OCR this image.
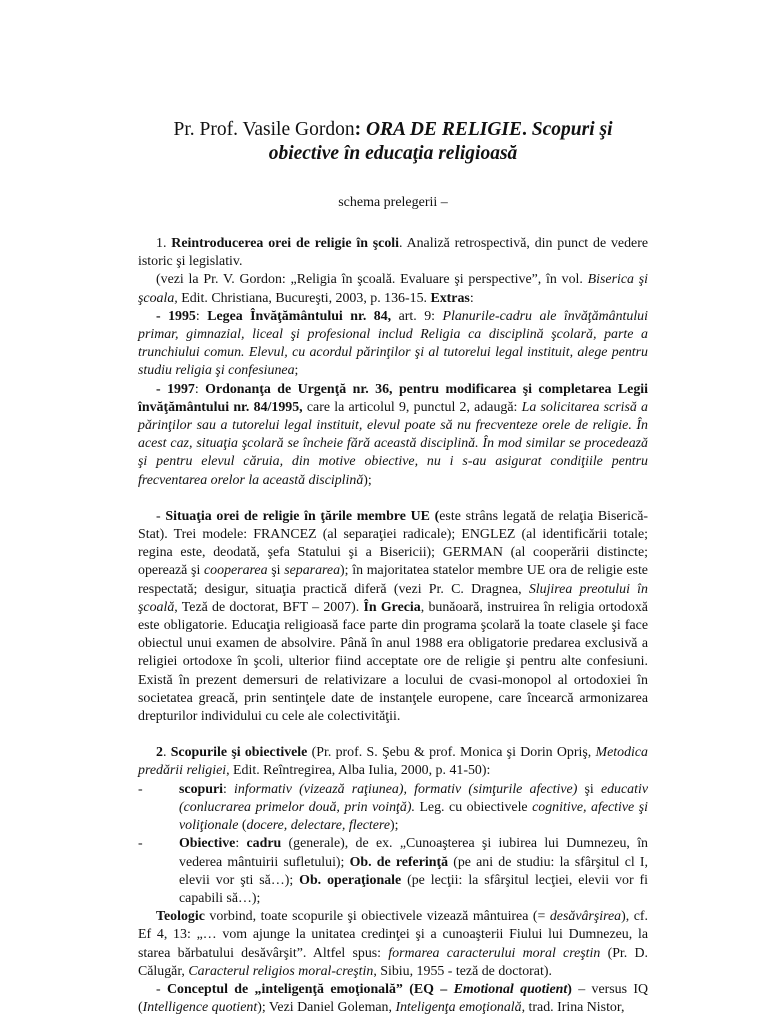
Pr. Prof. Vasile Gordon: ORA DE RELIGIE. Scopuri şi obiective în educaţia religioasă
schema prelegerii –

1. Reintroducerea orei de religie în şcoli. Analiză retrospectivă, din punct de vedere istoric şi legislativ.

(vezi la Pr. V. Gordon: „Religia în şcoală. Evaluare şi perspective”, în vol. Biserica şi şcoala, Edit. Christiana, Bucureşti, 2003, p. 136-15. Extras:

- 1995: Legea Învăţământului nr. 84, art. 9: Planurile-cadru ale învăţământului primar, gimnazial, liceal şi profesional includ Religia ca disciplină şcolară, parte a trunchiului comun. Elevul, cu acordul părinţilor şi al tutorelui legal instituit, alege pentru studiu religia şi confesiunea;

- 1997: Ordonanţa de Urgenţă nr. 36, pentru modificarea şi completarea Legii învăţământului nr. 84/1995, care la articolul 9, punctul 2, adaugă: La solicitarea scrisă a părinţilor sau a tutorelui legal instituit, elevul poate să nu frecventeze orele de religie. În acest caz, situaţia şcolară se încheie fără această disciplină. În mod similar se procedează şi pentru elevul căruia, din motive obiective, nu i s-au asigurat condiţiile pentru frecventarea orelor la această disciplină);

- Situaţia orei de religie în ţările membre UE (este strâns legată de relaţia Biserică-Stat). Trei modele: FRANCEZ (al separaţiei radicale); ENGLEZ (al identificării totale; regina este, deodată, şefa Statului şi a Bisericii); GERMAN (al cooperării distincte; operează şi cooperarea şi separarea); în majoritatea statelor membre UE ora de religie este respectată; desigur, situaţia practică diferă (vezi Pr. C. Dragnea, Slujirea preotului în şcoală, Teză de doctorat, BFT – 2007). În Grecia, bunăoară, instruirea în religia ortodoxă este obligatorie. Educaţia religioasă face parte din programa şcolară la toate clasele şi face obiectul unui examen de absolvire. Până în anul 1988 era obligatorie predarea exclusivă a religiei ortodoxe în şcoli, ulterior fiind acceptate ore de religie şi pentru alte confesiuni. Există în prezent demersuri de relativizare a locului de cvasi-monopol al ortodoxiei în societatea greacă, prin sentinţele date de instanţele europene, care încearcă armonizarea drepturilor individului cu cele ale colectivităţii.

2. Scopurile şi obiectivele (Pr. prof. S. Şebu & prof. Monica şi Dorin Opriş, Metodica predării religiei, Edit. Reîntregirea, Alba Iulia, 2000, p. 41-50):

- scopuri: informativ (vizează raţiunea), formativ (simţurile afective) şi educativ (conlucrarea primelor două, prin voinţă). Leg. cu obiectivele cognitive, afective şi voliţionale (docere, delectare, flectere);
- Obiective: cadru (generale), de ex. „Cunoaşterea şi iubirea lui Dumnezeu, în vederea mântuirii sufletului); Ob. de referinţă (pe ani de studiu: la sfârşitul cl I, elevii vor şti să…); Ob. operaţionale (pe lecţii: la sfârşitul lecţiei, elevii vor fi capabili să…);

Teologic vorbind, toate scopurile şi obiectivele vizează mântuirea (= desăvârşirea), cf. Ef 4, 13: „… vom ajunge la unitatea credinţei şi a cunoaşterii Fiului lui Dumnezeu, la starea bărbatului desăvârşit”. Altfel spus: formarea caracterului moral creştin (Pr. D. Călugăr, Caracterul religios moral-creştin, Sibiu, 1955 - teză de doctorat).

- Conceptul de „inteligenţă emoţională” (EQ – Emotional quotient) – versus IQ (Intelligence quotient); Vezi Daniel Goleman, Inteligenţa emoţională, trad. Irina Nistor,
